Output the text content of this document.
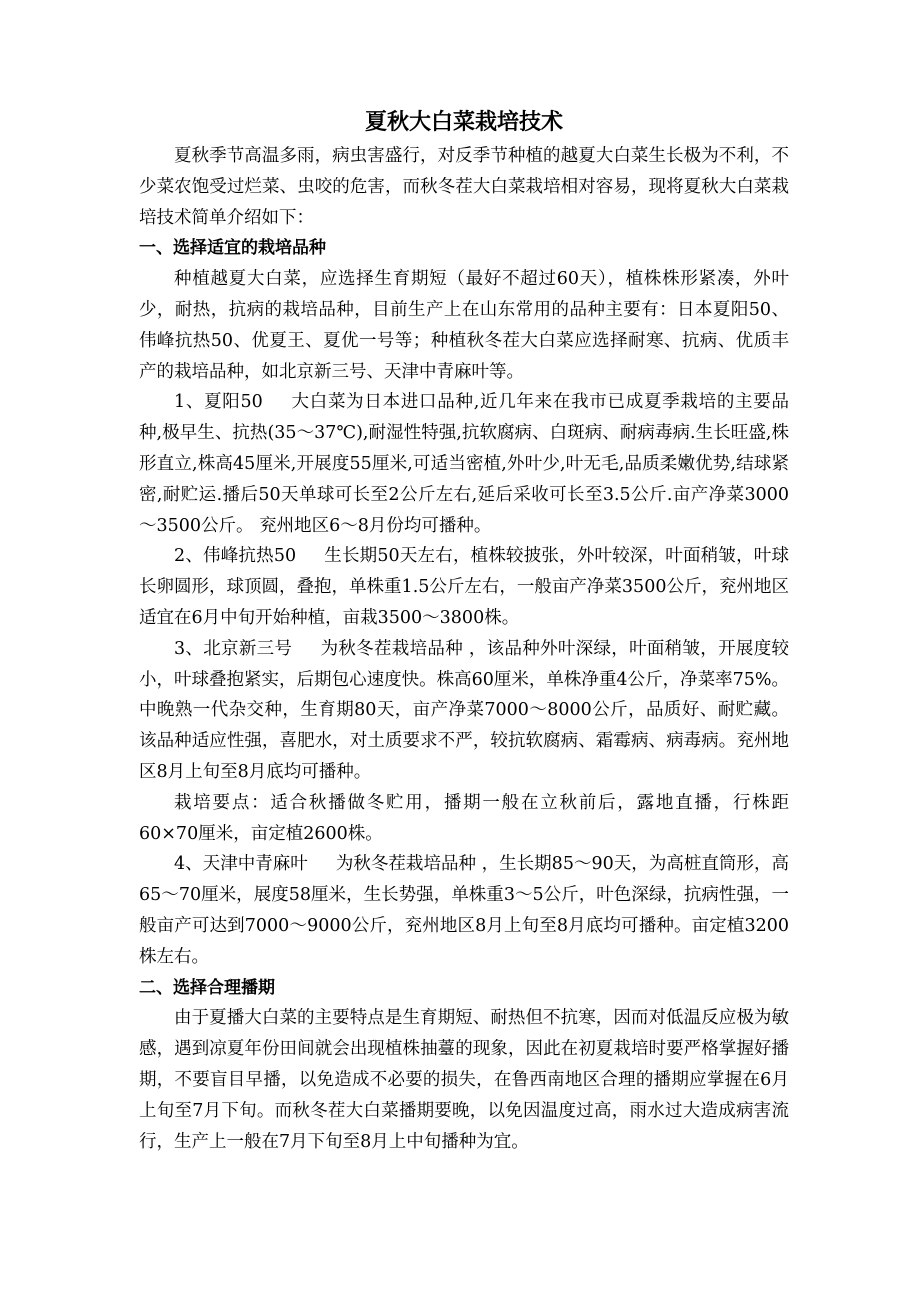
夏秋大白菜栽培技术

夏秋季节高温多雨，病虫害盛行，对反季节种植的越夏大白菜生长极为不利，不少菜农饱受过烂菜、虫咬的危害，而秋冬茬大白菜栽培相对容易，现将夏秋大白菜栽培技术简单介绍如下：

一、选择适宜的栽培品种

种植越夏大白菜，应选择生育期短（最好不超过60天），植株株形紧凑，外叶少，耐热，抗病的栽培品种，目前生产上在山东常用的品种主要有：日本夏阳50、伟峰抗热50、优夏王、夏优一号等；种植秋冬茬大白菜应选择耐寒、抗病、优质丰产的栽培品种，如北京新三号、天津中青麻叶等。

1、夏阳50 大白菜为日本进口品种,近几年来在我市已成夏季栽培的主要品种,极早生、抗热(35～37℃),耐湿性特强,抗软腐病、白斑病、耐病毒病.生长旺盛,株形直立,株高45厘米,开展度55厘米,可适当密植,外叶少,叶无毛,品质柔嫩优势,结球紧密,耐贮运.播后50天单球可长至2公斤左右,延后采收可长至3.5公斤.亩产净菜3000～3500公斤。 兖州地区6～8月份均可播种。

2、伟峰抗热50 生长期50天左右，植株较披张，外叶较深，叶面稍皱，叶球长卵圆形，球顶圆，叠抱，单株重1.5公斤左右，一般亩产净菜3500公斤，兖州地区适宜在6月中旬开始种植，亩栽3500～3800株。

3、北京新三号 为秋冬茬栽培品种 ，该品种外叶深绿，叶面稍皱，开展度较小，叶球叠抱紧实，后期包心速度快。株高60厘米，单株净重4公斤，净菜率75%。中晚熟一代杂交种，生育期80天，亩产净菜7000～8000公斤，品质好、耐贮藏。该品种适应性强，喜肥水，对土质要求不严，较抗软腐病、霜霉病、病毒病。兖州地区8月上旬至8月底均可播种。

栽培要点：适合秋播做冬贮用，播期一般在立秋前后，露地直播，行株距60×70厘米，亩定植2600株。

4、天津中青麻叶 为秋冬茬栽培品种 ，生长期85～90天，为高桩直筒形，高65～70厘米，展度58厘米，生长势强，单株重3～5公斤，叶色深绿，抗病性强，一般亩产可达到7000～9000公斤，兖州地区8月上旬至8月底均可播种。亩定植3200株左右。

二、选择合理播期

由于夏播大白菜的主要特点是生育期短、耐热但不抗寒，因而对低温反应极为敏感，遇到凉夏年份田间就会出现植株抽薹的现象，因此在初夏栽培时要严格掌握好播期，不要盲目早播，以免造成不必要的损失，在鲁西南地区合理的播期应掌握在6月上旬至7月下旬。而秋冬茬大白菜播期要晚，以免因温度过高，雨水过大造成病害流行，生产上一般在7月下旬至8月上中旬播种为宜。
